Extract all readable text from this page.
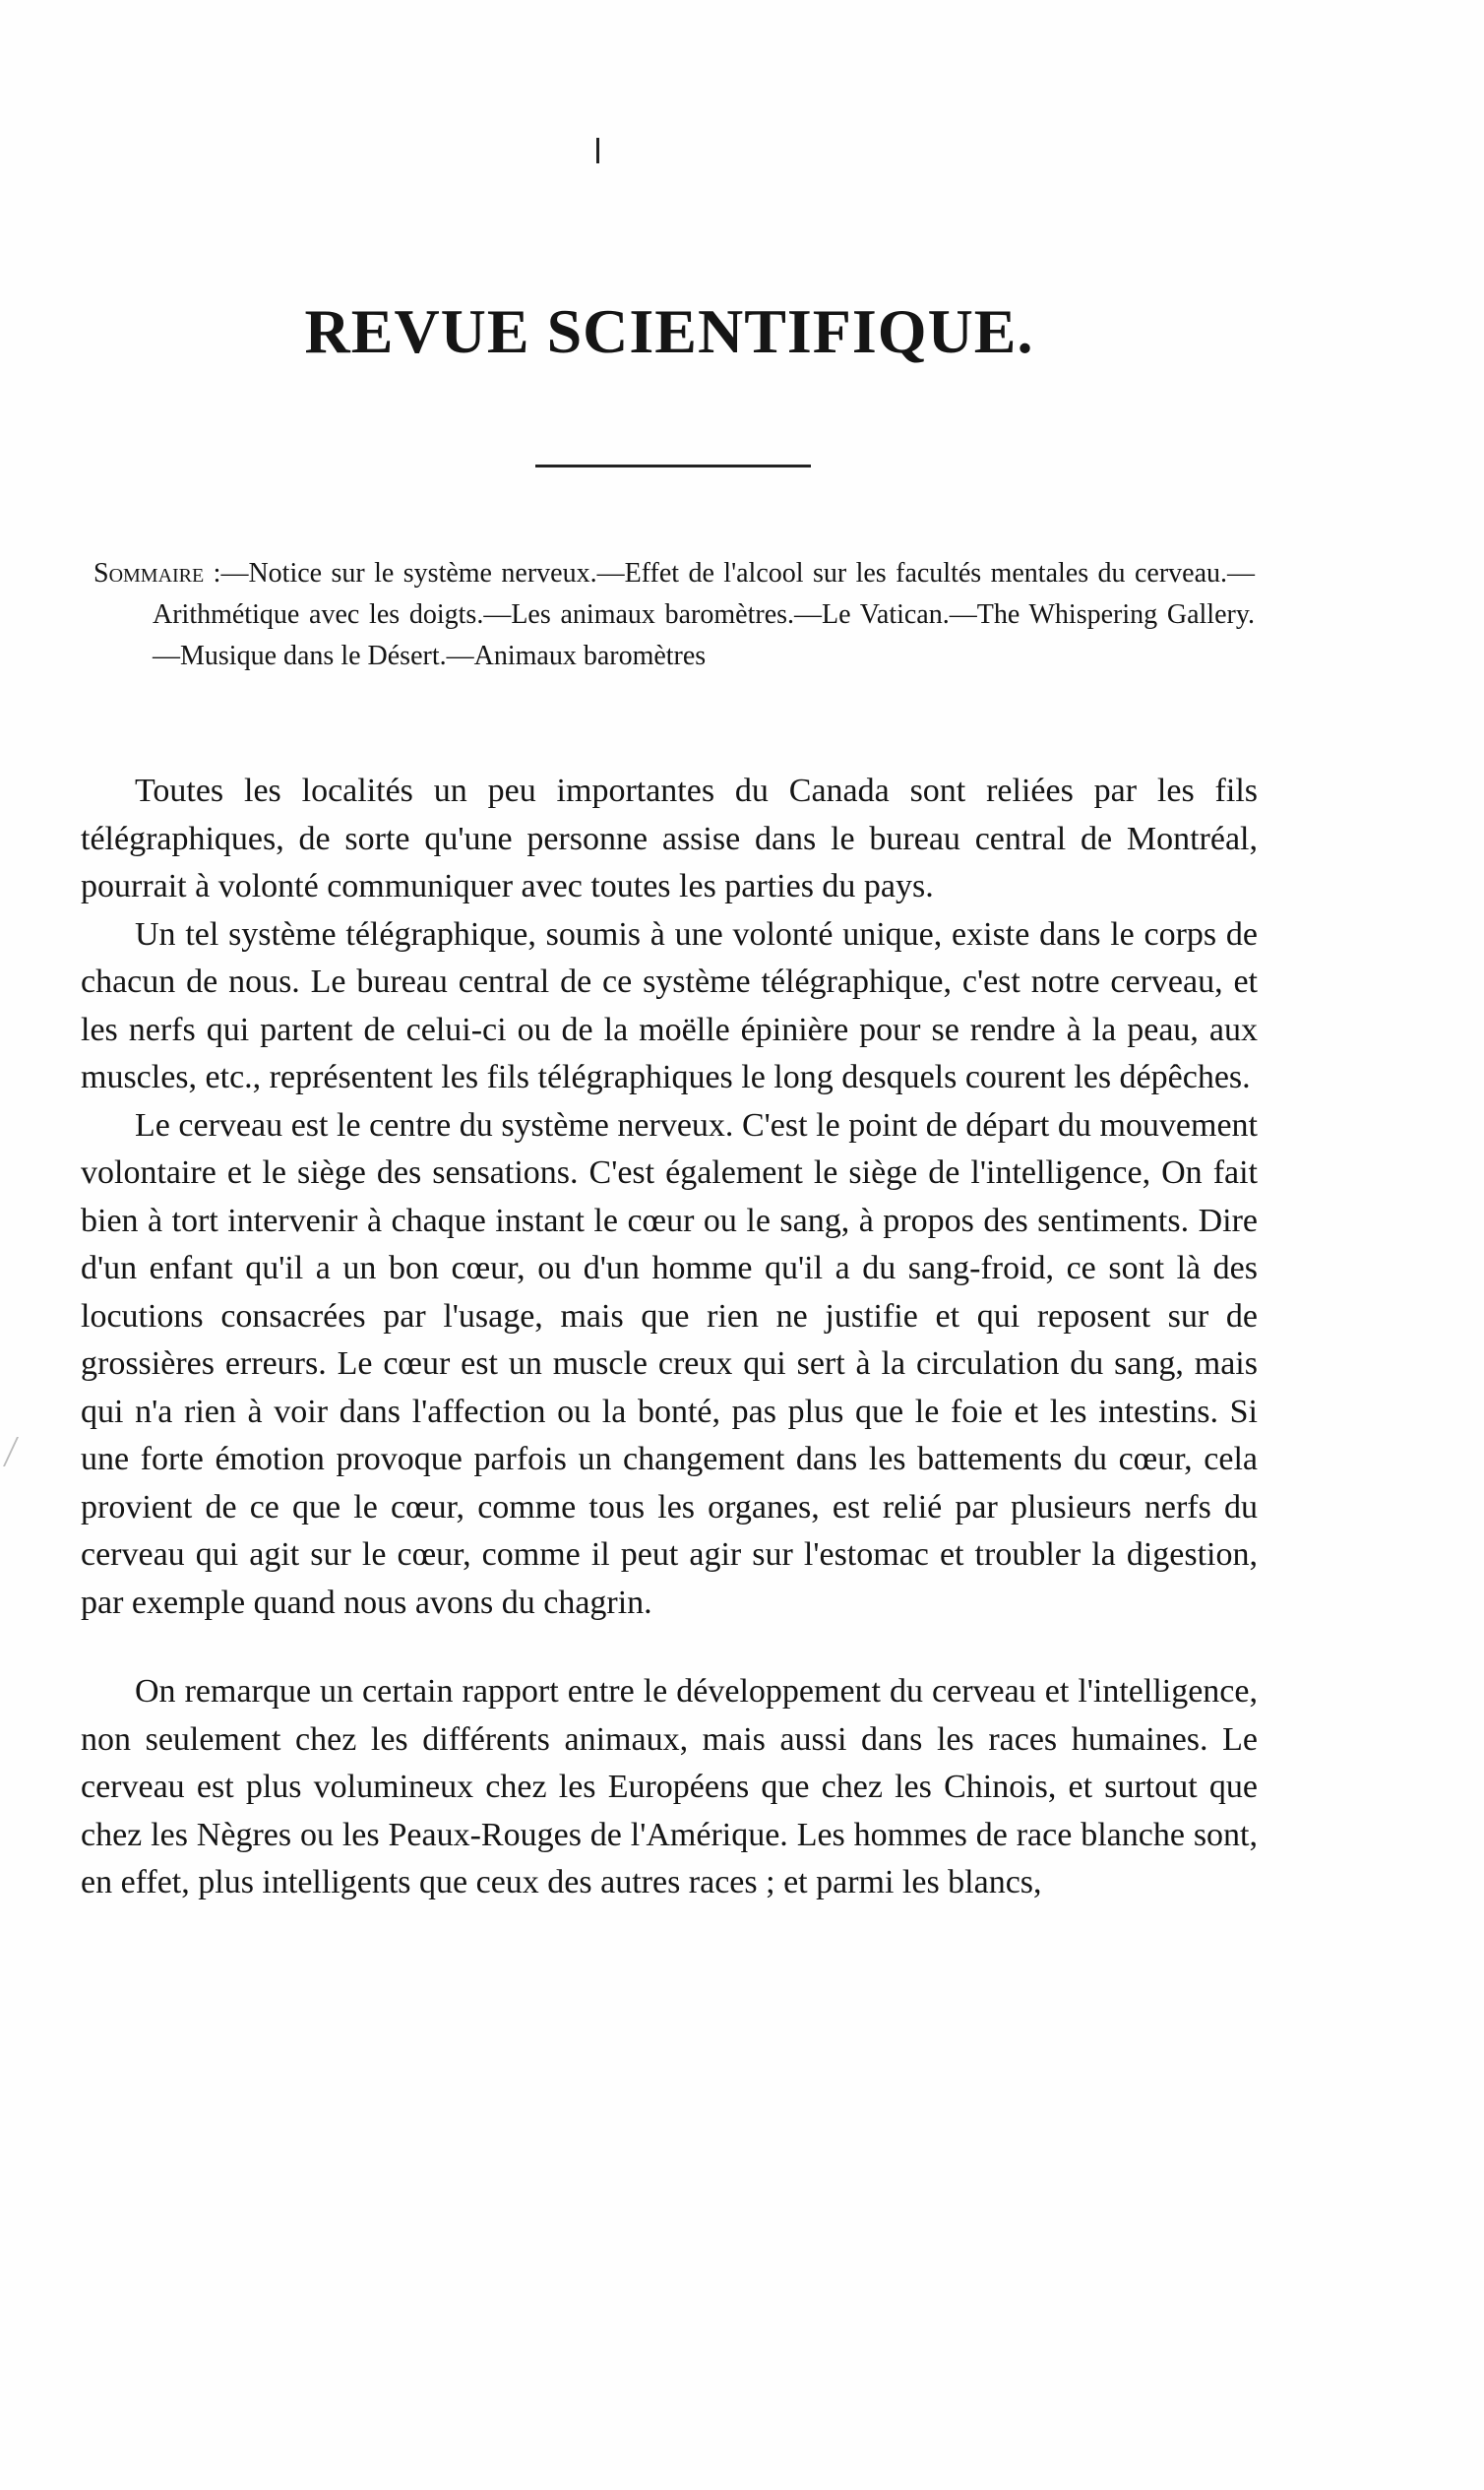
REVUE SCIENTIFIQUE.
Sommaire :—Notice sur le système nerveux.—Effet de l'alcool sur les facultés mentales du cerveau.—Arithmétique avec les doigts.—Les animaux baromètres.—Le Vatican.—The Whispering Gallery.—Musique dans le Désert.—Animaux baromètres

Toutes les localités un peu importantes du Canada sont reliées par les fils télégraphiques, de sorte qu'une personne assise dans le bureau central de Montréal, pourrait à volonté communiquer avec toutes les parties du pays.

Un tel système télégraphique, soumis à une volonté unique, existe dans le corps de chacun de nous. Le bureau central de ce système télégraphique, c'est notre cerveau, et les nerfs qui partent de celui-ci ou de la moëlle épinière pour se rendre à la peau, aux muscles, etc., représentent les fils télégraphiques le long desquels courent les dépêches.

Le cerveau est le centre du système nerveux. C'est le point de départ du mouvement volontaire et le siège des sensations. C'est également le siège de l'intelligence, On fait bien à tort intervenir à chaque instant le cœur ou le sang, à propos des sentiments. Dire d'un enfant qu'il a un bon cœur, ou d'un homme qu'il a du sang-froid, ce sont là des locutions consacrées par l'usage, mais que rien ne justifie et qui reposent sur de grossières erreurs. Le cœur est un muscle creux qui sert à la circulation du sang, mais qui n'a rien à voir dans l'affection ou la bonté, pas plus que le foie et les intestins. Si une forte émotion provoque parfois un changement dans les battements du cœur, cela provient de ce que le cœur, comme tous les organes, est relié par plusieurs nerfs du cerveau qui agit sur le cœur, comme il peut agir sur l'estomac et troubler la digestion, par exemple quand nous avons du chagrin.

On remarque un certain rapport entre le développement du cerveau et l'intelligence, non seulement chez les différents animaux, mais aussi dans les races humaines. Le cerveau est plus volumineux chez les Européens que chez les Chinois, et surtout que chez les Nègres ou les Peaux-Rouges de l'Amérique. Les hommes de race blanche sont, en effet, plus intelligents que ceux des autres races ; et parmi les blancs,
